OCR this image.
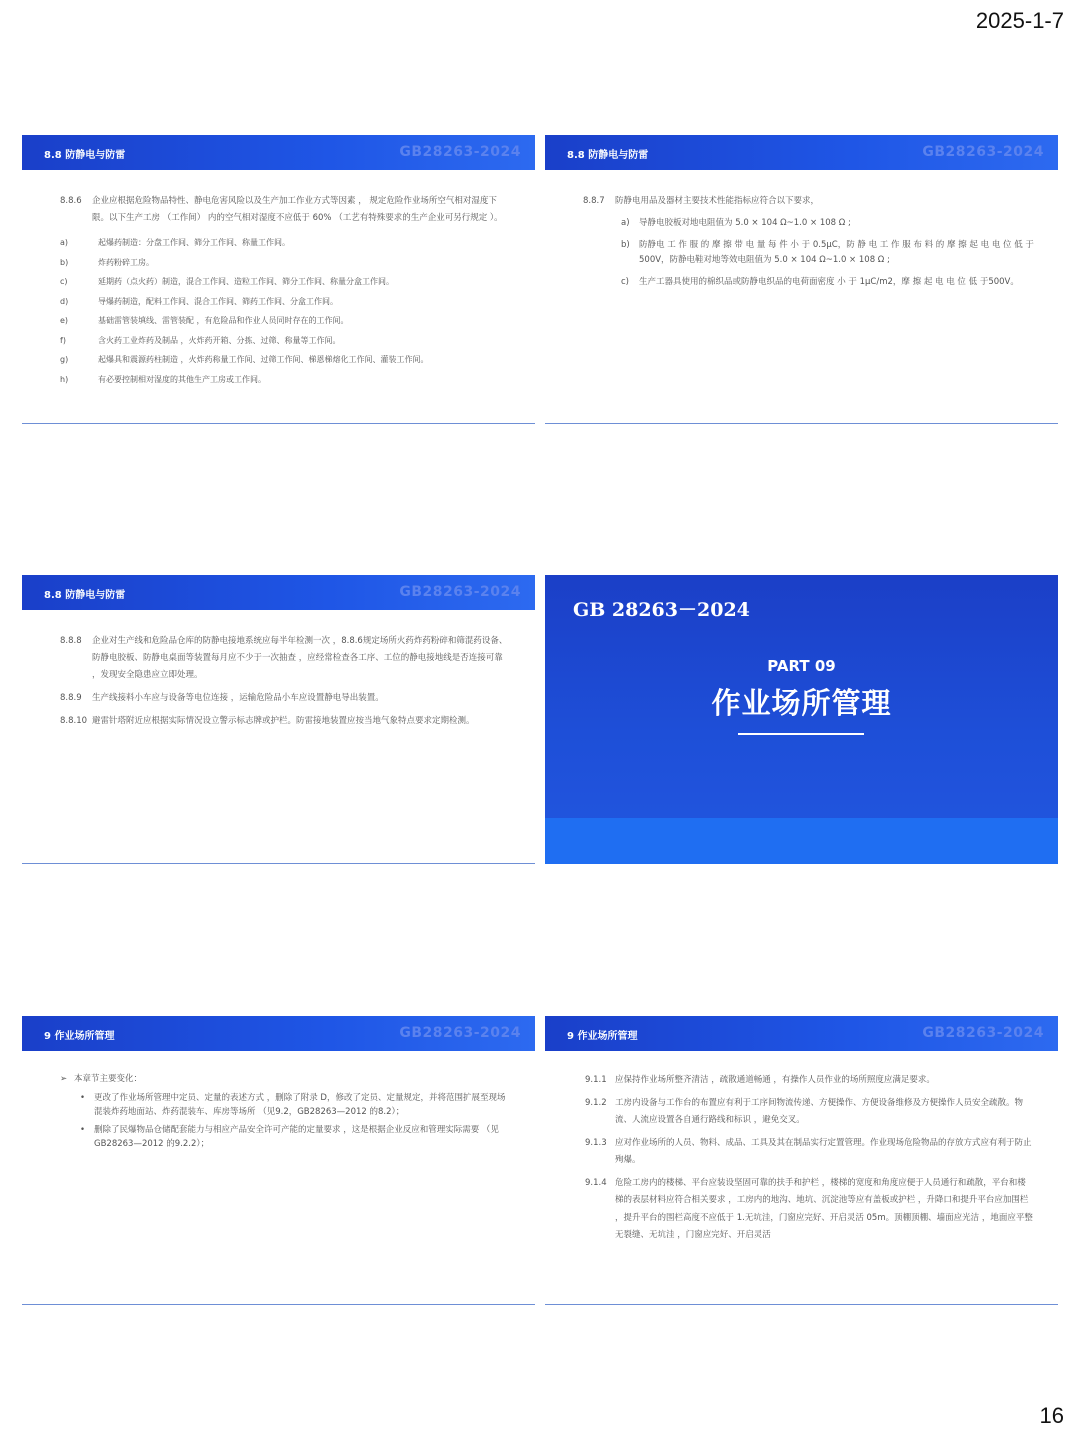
2025-1-7
8.8 防静电与防雷	GB28263-2024
8.8.6 企业应根据危险物品特性、静电危害风险以及生产加工作业方式等因素 ， 规定危险作业场所空气相对湿度下限。以下生产工房 （工作间） 内的空气相对湿度不应低于 60% （工艺有特殊要求的生产企业可另行规定 ）。
a)	起爆药制造：分盘工作间、筛分工作间、称量工作间。
b)	炸药粉碎工房。
c)	延期药（点火药）制造，混合工作间、造粒工作间、筛分工作间、称量分盒工作间。
d)	导爆药制造，配料工作间、混合工作间、筛药工作间、分盒工作间。
e)	基础雷管装填线、雷管装配 ，有危险品和作业人员同时存在的工作间。
f)	含火药工业炸药及制品 ，火炸药开箱、分拣、过筛、称量等工作间。
g)	起爆具和震源药柱制造 ，火炸药称量工作间、过筛工作间、梯恩梯熔化工作间、灌装工作间。
h)	有必要控制相对湿度的其他生产工房或工作间。
8.8 防静电与防雷	GB28263-2024
8.8.7 防静电用品及器材主要技术性能指标应符合以下要求，
a)	导静电胶板对地电阻值为 5.0 × 104 Ω~1.0 × 108 Ω ;
b)	防静电 工 作 服 的 摩 擦 带 电 量 每 件 小 于 0.5μC，防 静 电 工 作 服 布 料 的 摩 擦 起 电 电 位 低 于500V，防静电鞋对地等效电阻值为 5.0 × 104 Ω~1.0 × 108 Ω ;
c)	生产工器具使用的棉织品或防静电织品的电荷面密度 小 于 1μC/m2，摩 擦 起 电 电 位 低 于500V。
8.8 防静电与防雷	GB28263-2024
8.8.8 企业对生产线和危险品仓库的防静电接地系统应每半年检测一次 ，8.8.6规定场所火药炸药粉碎和筛混药设备、防静电胶板、防静电桌面等装置每月应不少于一次抽查 ，应经常检查各工序、工位的静电接地线是否连接可靠 ，发现安全隐患应立即处理。
8.8.9 生产线接料小车应与设备等电位连接 ，运输危险品小车应设置静电导出装置。
8.8.10 避雷针塔附近应根据实际情况设立警示标志牌或护栏。防雷接地装置应按当地气象特点要求定期检测。
GB 28263－2024
PART 09
作业场所管理
9 作业场所管理	GB28263-2024
➢ 本章节主要变化：
• 更改了作业场所管理中定员、定量的表述方式 ，删除了附录 D，修改了定员、定量规定，并将范围扩展至现场混装炸药地面站、炸药混装车、库房等场所 （见9.2，GB28263—2012 的8.2）；
• 删除了民爆物品仓储配套能力与相应产品安全许可产能的定量要求 ，这是根据企业反应和管理实际需要 （见 GB28263—2012 的9.2.2）；
9 作业场所管理	GB28263-2024
9.1.1 应保持作业场所整齐清洁 ，疏散通道畅通 ，有操作人员作业的场所照度应满足要求。
9.1.2 工房内设备与工作台的布置应有利于工序间物流传递、方便操作、方便设备维修及方便操作人员安全疏散。物流、人流应设置各自通行路线和标识 ，避免交叉。
9.1.3 应对作业场所的人员、物料、成品、工具及其在制品实行定置管理。作业现场危险物品的存放方式应有利于防止殉爆。
9.1.4 危险工房内的楼梯、平台应装设坚固可靠的扶手和护栏 ，楼梯的宽度和角度应便于人员通行和疏散，平台和楼梯的表层材料应符合相关要求 ，工房内的地沟、地坑、沉淀池等应有盖板或护栏 ，升降口和提升平台应加围栏 ，提升平台的围栏高度不应低于 1.无坑洼，门窗应完好、开启灵活 05m。顶棚顶棚、墙面应光洁 ，地面应平整无裂缝、无坑洼 ，门窗应完好、开启灵活
16
